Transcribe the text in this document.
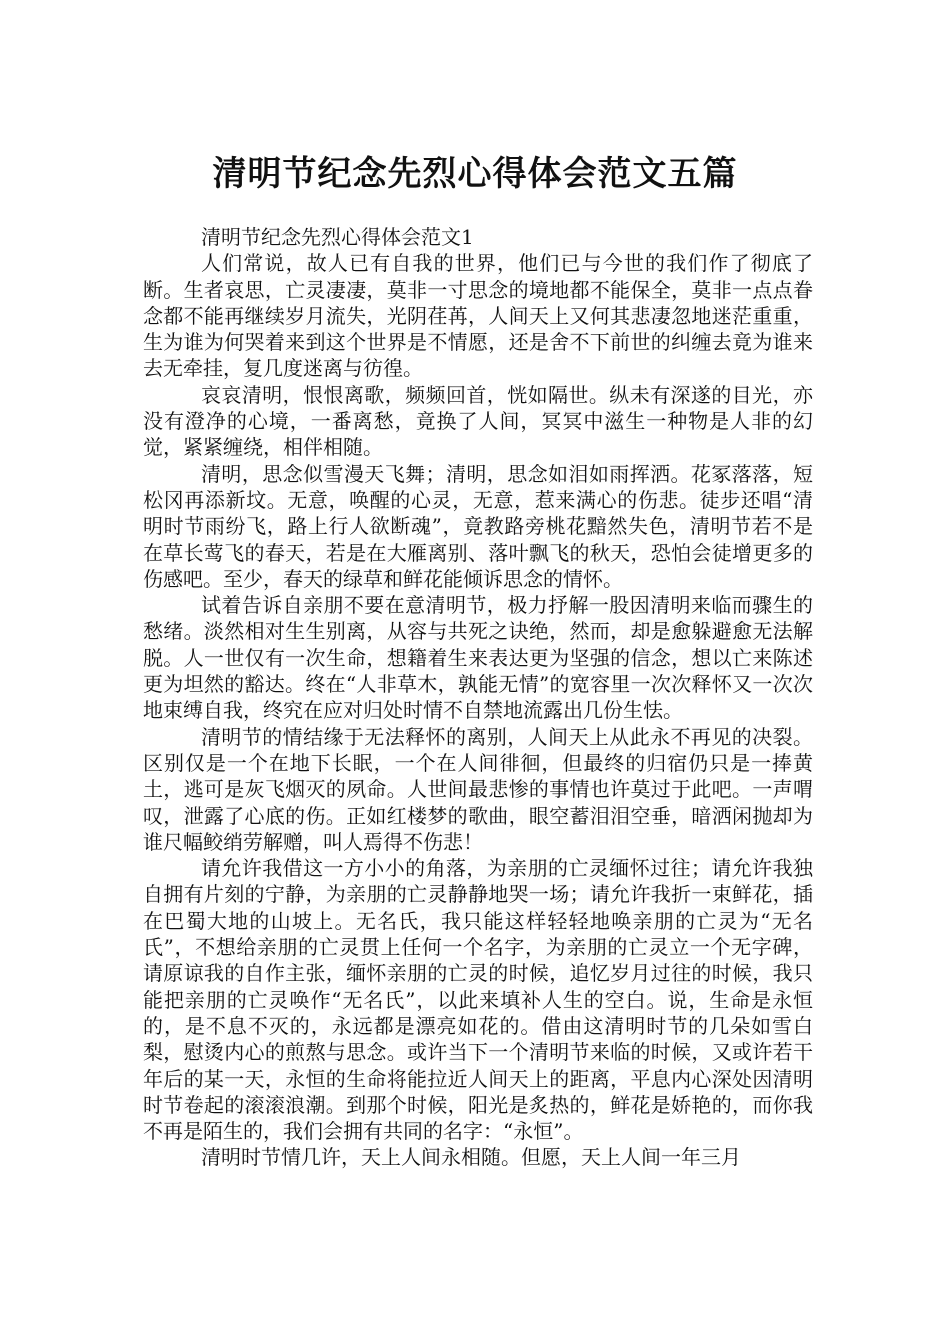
清明节纪念先烈心得体会范文五篇

清明节纪念先烈心得体会范文1

人们常说，故人已有自我的世界，他们已与今世的我们作了彻底了断。生者哀思，亡灵凄凄，莫非一寸思念的境地都不能保全，莫非一点点眷念都不能再继续岁月流失，光阴荏苒，人间天上又何其悲凄忽地迷茫重重，生为谁为何哭着来到这个世界是不情愿，还是舍不下前世的纠缠去竟为谁来去无牵挂，复几度迷离与彷徨。

哀哀清明，恨恨离歌，频频回首，恍如隔世。纵未有深遂的目光，亦没有澄净的心境，一番离愁，竟换了人间，冥冥中滋生一种物是人非的幻觉，紧紧缠绕，相伴相随。

清明，思念似雪漫天飞舞；清明，思念如泪如雨挥洒。花冢落落，短松冈再添新坟。无意，唤醒的心灵，无意，惹来满心的伤悲。徒步还唱“清明时节雨纷飞，路上行人欲断魂”，竟教路旁桃花黯然失色，清明节若不是在草长莺飞的春天，若是在大雁离别、落叶飘飞的秋天，恐怕会徒增更多的伤感吧。至少，春天的绿草和鲜花能倾诉思念的情怀。

试着告诉自亲朋不要在意清明节，极力抒解一股因清明来临而骤生的愁绪。淡然相对生生别离，从容与共死之诀绝，然而，却是愈躲避愈无法解脱。人一世仅有一次生命，想籍着生来表达更为坚强的信念，想以亡来陈述更为坦然的豁达。终在“人非草木，孰能无情”的宽容里一次次释怀又一次次地束缚自我，终究在应对归处时情不自禁地流露出几份生怯。

清明节的情结缘于无法释怀的离别，人间天上从此永不再见的决裂。区别仅是一个在地下长眠，一个在人间徘徊，但最终的归宿仍只是一捧黄土，逃可是灰飞烟灭的夙命。人世间最悲惨的事情也许莫过于此吧。一声喟叹，泄露了心底的伤。正如红楼梦的歌曲，眼空蓄泪泪空垂，暗洒闲抛却为谁尺幅鲛绡劳解赠，叫人焉得不伤悲！

请允许我借这一方小小的角落，为亲朋的亡灵缅怀过往；请允许我独自拥有片刻的宁静，为亲朋的亡灵静静地哭一场；请允许我折一束鲜花，插在巴蜀大地的山坡上。无名氏，我只能这样轻轻地唤亲朋的亡灵为“无名氏”，不想给亲朋的亡灵贯上任何一个名字，为亲朋的亡灵立一个无字碑，请原谅我的自作主张，缅怀亲朋的亡灵的时候，追忆岁月过往的时候，我只能把亲朋的亡灵唤作“无名氏”，以此来填补人生的空白。说，生命是永恒的，是不息不灭的，永远都是漂亮如花的。借由这清明时节的几朵如雪白梨，慰烫内心的煎熬与思念。或许当下一个清明节来临的时候，又或许若干年后的某一天，永恒的生命将能拉近人间天上的距离，平息内心深处因清明时节卷起的滚滚浪潮。到那个时候，阳光是炙热的，鲜花是娇艳的，而你我不再是陌生的，我们会拥有共同的名字：“永恒”。

清明时节情几许，天上人间永相随。但愿，天上人间一年三月
